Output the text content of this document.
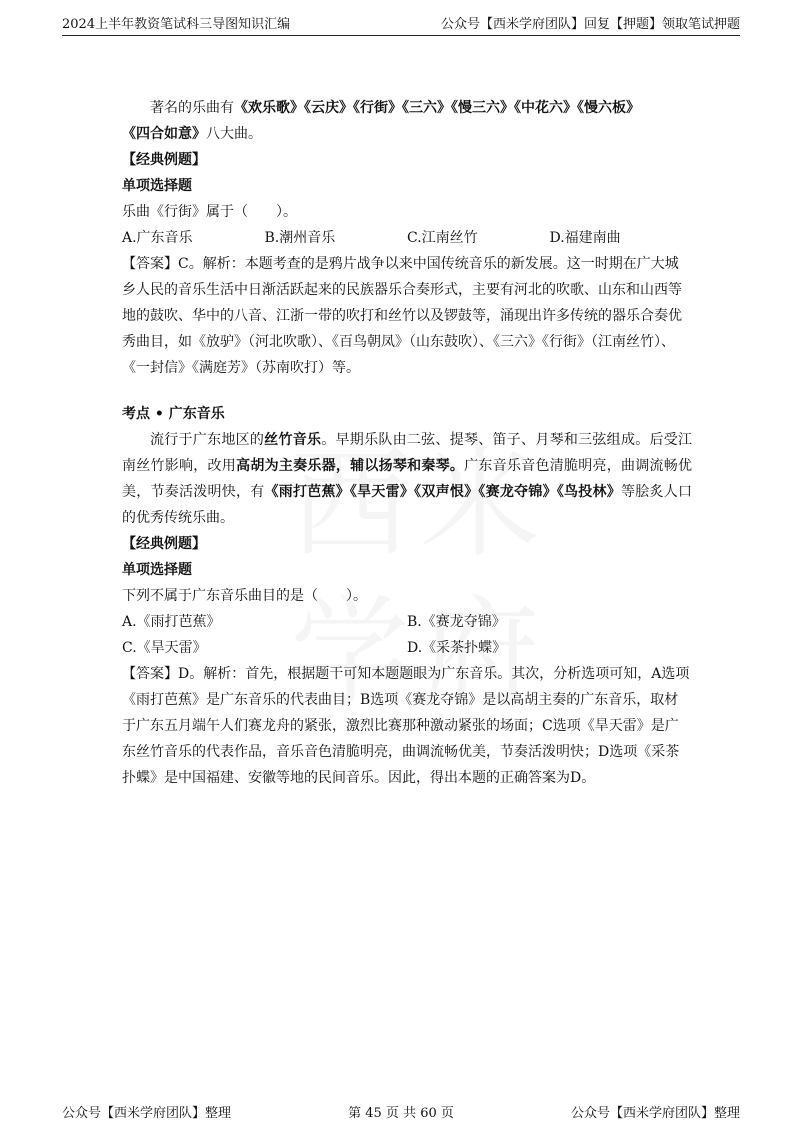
2024上半年教资笔试科三导图知识汇编	公众号【西米学府团队】回复【押题】领取笔试押题

著名的乐曲有《欢乐歌》《云庆》《行街》《三六》《慢三六》《中花六》《慢六板》

《四合如意》八大曲。

【经典例题】

单项选择题

乐曲《行街》属于（　　）。

A.广东音乐	B.潮州音乐	C.江南丝竹	D.福建南曲

【答案】C。解析：本题考查的是鸦片战争以来中国传统音乐的新发展。这一时期在广大城乡人民的音乐生活中日渐活跃起来的民族器乐合奏形式，主要有河北的吹歌、山东和山西等地的鼓吹、华中的八音、江浙一带的吹打和丝竹以及锣鼓等，涌现出许多传统的器乐合奏优秀曲目，如《放驴》（河北吹歌）、《百鸟朝凤》（山东鼓吹）、《三六》《行街》（江南丝竹）、《一封信》《满庭芳》（苏南吹打）等。

考点 • 广东音乐

流行于广东地区的丝竹音乐。早期乐队由二弦、提琴、笛子、月琴和三弦组成。后受江南丝竹影响，改用高胡为主奏乐器，辅以扬琴和秦琴。广东音乐音色清脆明亮，曲调流畅优美，节奏活泼明快，有《雨打芭蕉》《旱天雷》《双声恨》《赛龙夺锦》《鸟投林》等脍炙人口的优秀传统乐曲。

【经典例题】

单项选择题

下列不属于广东音乐曲目的是（　　）。

A.《雨打芭蕉》	B.《赛龙夺锦》
C.《旱天雷》	D.《采茶扑蝶》

【答案】D。解析：首先，根据题干可知本题题眼为广东音乐。其次，分析选项可知，A选项《雨打芭蕉》是广东音乐的代表曲目；B选项《赛龙夺锦》是以高胡主奏的广东音乐，取材于广东五月端午人们赛龙舟的紧张，激烈比赛那种激动紧张的场面；C选项《旱天雷》是广东丝竹音乐的代表作品，音乐音色清脆明亮，曲调流畅优美，节奏活泼明快；D选项《采茶扑蝶》是中国福建、安徽等地的民间音乐。因此，得出本题的正确答案为D。

公众号【西米学府团队】整理	第 45 页 共 60 页	公众号【西米学府团队】整理
